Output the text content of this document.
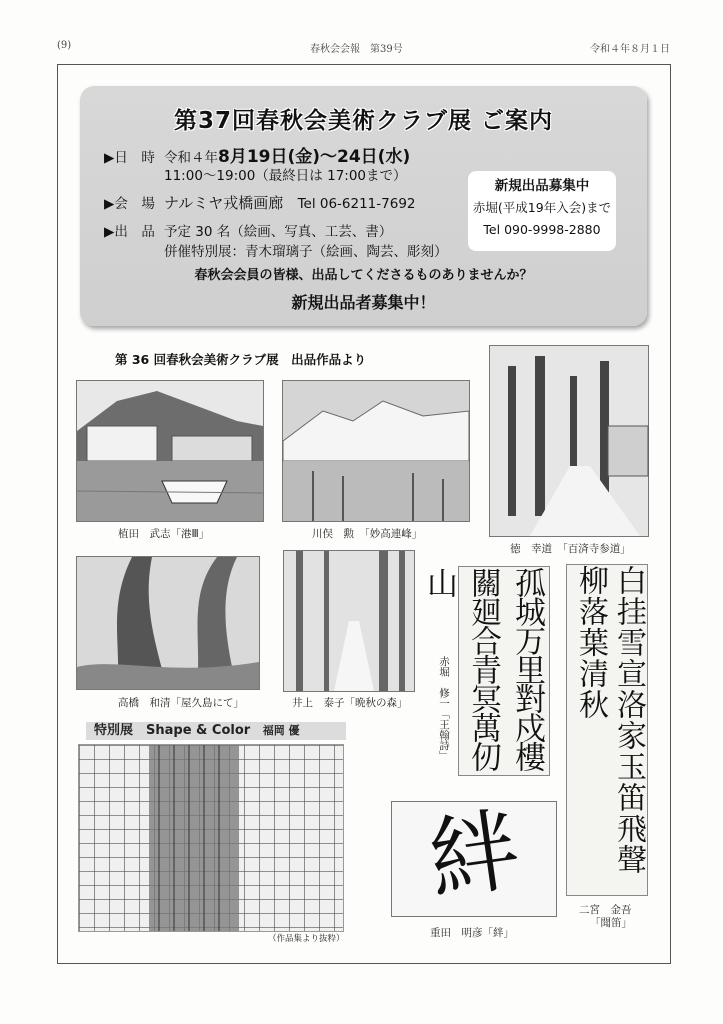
(9)	春秋会会報　第39号	令和４年８月１日
第37回春秋会美術クラブ展 ご案内
▶日　時 令和４年8月19日(金)〜24日(水)
11:00〜19:00（最終日は 17:00まで）
▶会　場 ナルミヤ戎橋画廊 Tel 06-6211-7692
▶出　品 予定 30 名（絵画、写真、工芸、書）
併催特別展：青木瑠璃子（絵画、陶芸、彫刻）
新規出品募集中
赤堀(平成19年入会)まで
Tel 090-9998-2880
春秋会会員の皆様、出品してくださるものありませんか？
新規出品者募集中！
第 36 回春秋会美術クラブ展　出品作品より
植田　武志「港Ⅲ」	川俣　勲　「妙高連峰」
徳　幸道　「百済寺参道」
高橋　和清「屋久島にて」	井上　泰子「晩秋の森」	赤堀　修一「王翰詩」	孤城万里對戍樓關廻合青冥萬仞山	白挂雪宣洛家玉笛飛聲柳落葉清秋
二宮　金吾
「聞笛」
特別展　Shape & Color 福岡 優
（作品集より抜粋）
絆
重田　明彦「絆」
